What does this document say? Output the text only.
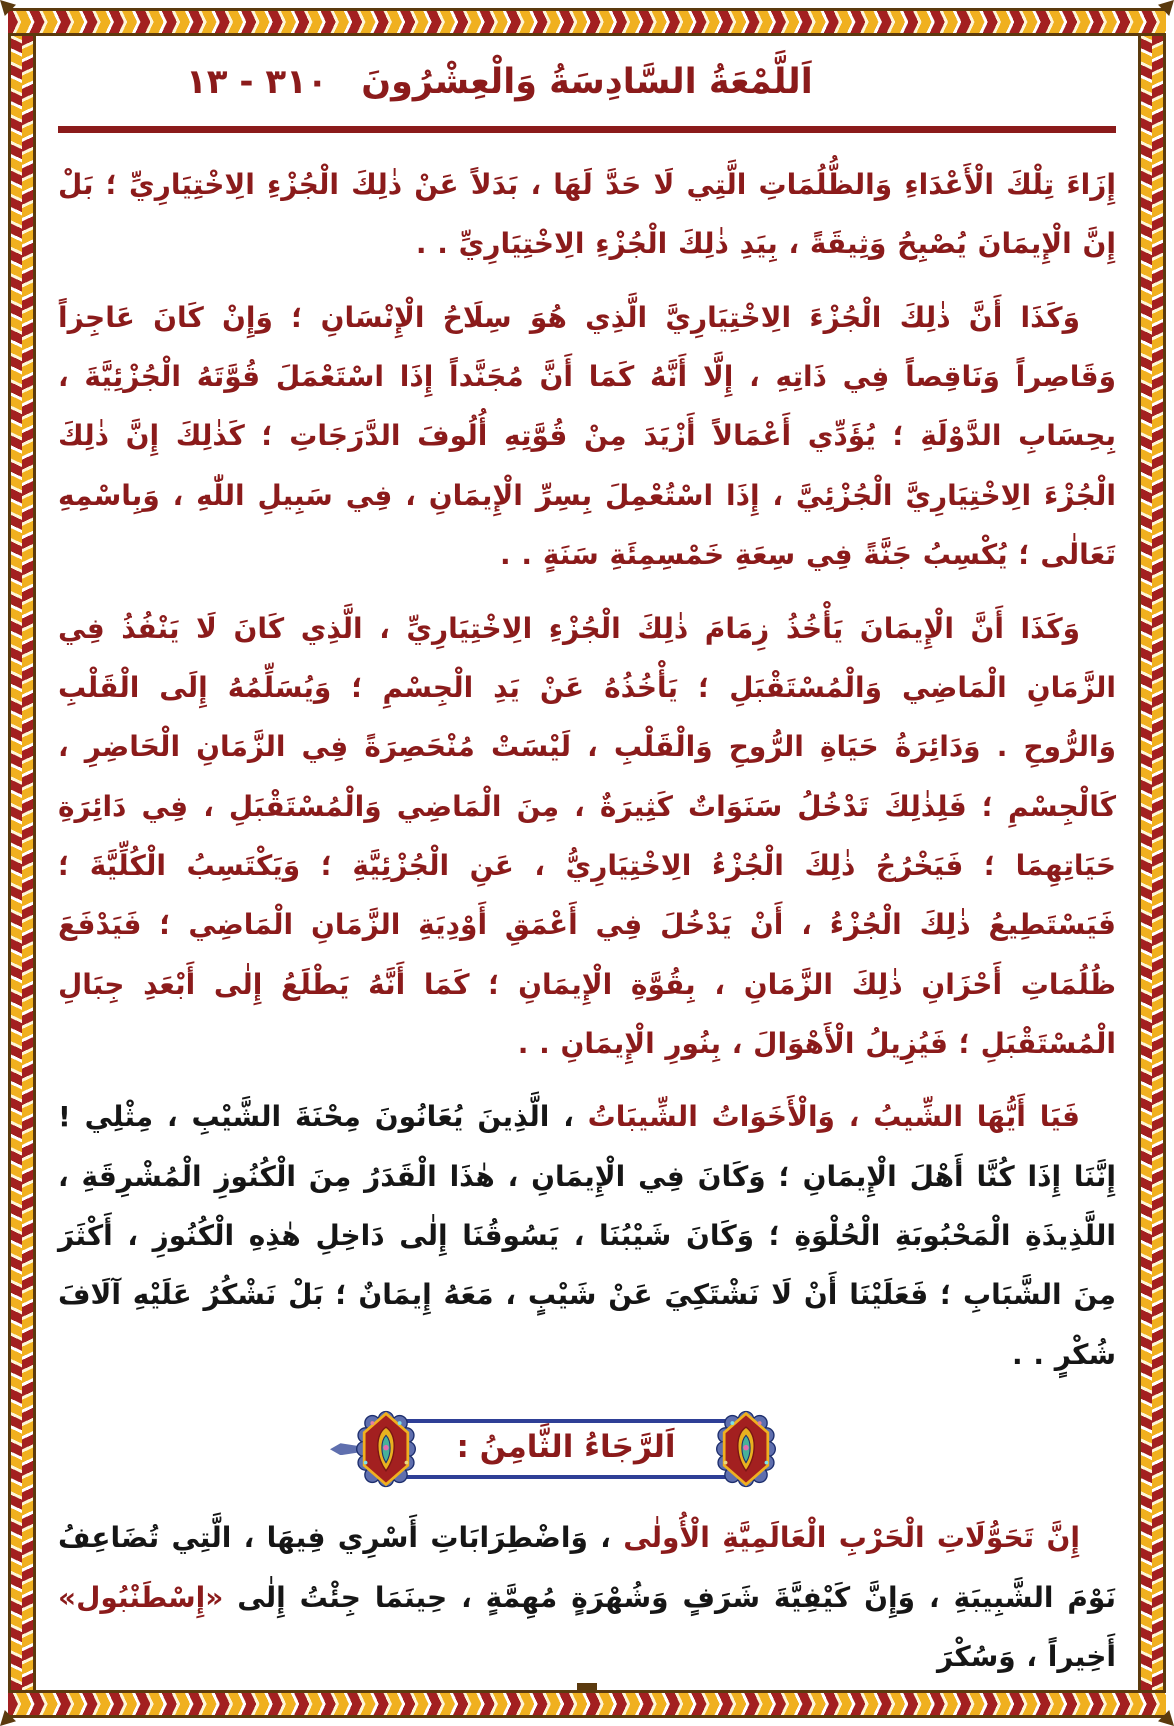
٣١٠ - ١٣ اَللَّمْعَةُ السَّادِسَةُ وَالْعِشْرُونَ

إِزَاءَ تِلْكَ الْأَعْدَاءِ وَالظُّلُمَاتِ الَّتِي لَا حَدَّ لَهَا ، بَدَلاً عَنْ ذٰلِكَ الْجُزْءِ الِاخْتِيَارِيِّ ؛ بَلْ إِنَّ الْإِيمَانَ يُصْبِحُ وَثِيقَةً ، بِيَدِ ذٰلِكَ الْجُزْءِ الِاخْتِيَارِيِّ . .

وَكَذَا أَنَّ ذٰلِكَ الْجُزْءَ الِاخْتِيَارِيَّ الَّذِي هُوَ سِلَاحُ الْإِنْسَانِ ؛ وَإِنْ كَانَ عَاجِزاً وَقَاصِراً وَنَاقِصاً فِي ذَاتِهِ ، إِلَّا أَنَّهُ كَمَا أَنَّ مُجَنَّداً إِذَا اسْتَعْمَلَ قُوَّتَهُ الْجُزْئِيَّةَ ، بِحِسَابِ الدَّوْلَةِ ؛ يُؤَدِّي أَعْمَالاً أَزْيَدَ مِنْ قُوَّتِهِ أُلُوفَ الدَّرَجَاتِ ؛ كَذٰلِكَ إِنَّ ذٰلِكَ الْجُزْءَ الِاخْتِيَارِيَّ الْجُزْئِيَّ ، إِذَا اسْتُعْمِلَ بِسِرِّ الْإِيمَانِ ، فِي سَبِيلِ اللّٰهِ ، وَبِاسْمِهِ تَعَالٰى ؛ يُكْسِبُ جَنَّةً فِي سِعَةِ خَمْسِمِئَةِ سَنَةٍ . .

وَكَذَا أَنَّ الْإِيمَانَ يَأْخُذُ زِمَامَ ذٰلِكَ الْجُزْءِ الِاخْتِيَارِيِّ ، الَّذِي كَانَ لَا يَنْفُذُ فِي الزَّمَانِ الْمَاضِي وَالْمُسْتَقْبَلِ ؛ يَأْخُذُهُ عَنْ يَدِ الْجِسْمِ ؛ وَيُسَلِّمُهُ إِلَى الْقَلْبِ وَالرُّوحِ . وَدَائِرَةُ حَيَاةِ الرُّوحِ وَالْقَلْبِ ، لَيْسَتْ مُنْحَصِرَةً فِي الزَّمَانِ الْحَاضِرِ ، كَالْجِسْمِ ؛ فَلِذٰلِكَ تَدْخُلُ سَنَوَاتٌ كَثِيرَةٌ ، مِنَ الْمَاضِي وَالْمُسْتَقْبَلِ ، فِي دَائِرَةِ حَيَاتِهِمَا ؛ فَيَخْرُجُ ذٰلِكَ الْجُزْءُ الِاخْتِيَارِيُّ ، عَنِ الْجُزْئِيَّةِ ؛ وَيَكْتَسِبُ الْكُلِّيَّةَ ؛ فَيَسْتَطِيعُ ذٰلِكَ الْجُزْءُ ، أَنْ يَدْخُلَ فِي أَعْمَقِ أَوْدِيَةِ الزَّمَانِ الْمَاضِي ؛ فَيَدْفَعَ ظُلُمَاتِ أَحْزَانِ ذٰلِكَ الزَّمَانِ ، بِقُوَّةِ الْإِيمَانِ ؛ كَمَا أَنَّهُ يَطْلَعُ إِلٰى أَبْعَدِ جِبَالِ الْمُسْتَقْبَلِ ؛ فَيُزِيلُ الْأَهْوَالَ ، بِنُورِ الْإِيمَانِ . .

فَيَا أَيُّهَا الشِّيبُ ، وَالْأَخَوَاتُ الشِّيبَاتُ ، الَّذِينَ يُعَانُونَ مِحْنَةَ الشَّيْبِ ، مِثْلِي ! إِنَّنَا إِذَا كُنَّا أَهْلَ الْإِيمَانِ ؛ وَكَانَ فِي الْإِيمَانِ ، هٰذَا الْقَدَرُ مِنَ الْكُنُوزِ الْمُشْرِقَةِ ، اللَّذِيذَةِ الْمَحْبُوبَةِ الْحُلْوَةِ ؛ وَكَانَ شَيْبُنَا ، يَسُوقُنَا إِلٰى دَاخِلِ هٰذِهِ الْكُنُوزِ ، أَكْثَرَ مِنَ الشَّبَابِ ؛ فَعَلَيْنَا أَنْ لَا نَشْتَكِيَ عَنْ شَيْبٍ ، مَعَهُ إِيمَانٌ ؛ بَلْ نَشْكُرُ عَلَيْهِ آلَافَ شُكْرٍ . .

اَلرَّجَاءُ الثَّامِنُ :

إِنَّ تَحَوُّلَاتِ الْحَرْبِ الْعَالَمِيَّةِ الْأُولٰى ، وَاضْطِرَابَاتِ أَسْرِي فِيهَا ، الَّتِي تُضَاعِفُ نَوْمَ الشَّبِيبَةِ ، وَإِنَّ كَيْفِيَّةَ شَرَفٍ وَشُهْرَةٍ مُهِمَّةٍ ، حِينَمَا جِئْتُ إِلٰى «إِسْطَنْبُول» أَخِيراً ، وَسُكْرَ
